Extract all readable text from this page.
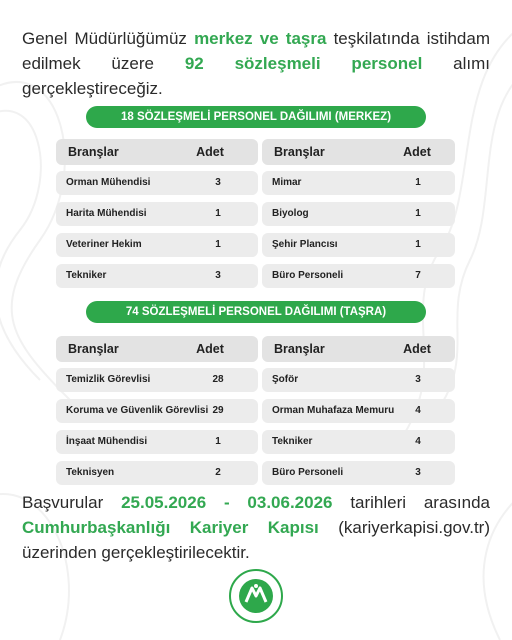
Genel Müdürlüğümüz merkez ve taşra teşkilatında istihdam edilmek üzere 92 sözleşmeli personel alımı gerçekleştireceğiz.

18 SÖZLEŞMELİ PERSONEL DAĞILIMI (MERKEZ)
Branşlar	Adet	Branşlar	Adet
Orman Mühendisi	3	Mimar	1
Harita Mühendisi	1	Biyolog	1
Veteriner Hekim	1	Şehir Plancısı	1
Tekniker	3	Büro Personeli	7
74 SÖZLEŞMELİ PERSONEL DAĞILIMI (TAŞRA)
Branşlar	Adet	Branşlar	Adet
Temizlik Görevlisi	28	Şoför	3
Koruma ve Güvenlik Görevlisi 29	Orman Muhafaza Memuru	4
İnşaat Mühendisi	1	Tekniker	4
Teknisyen	2	Büro Personeli	3

Başvurular 25.05.2026 - 03.06.2026 tarihleri arasında Cumhurbaşkanlığı Kariyer Kapısı (kariyerkapisi.gov.tr) üzerinden gerçekleştirilecektir.
